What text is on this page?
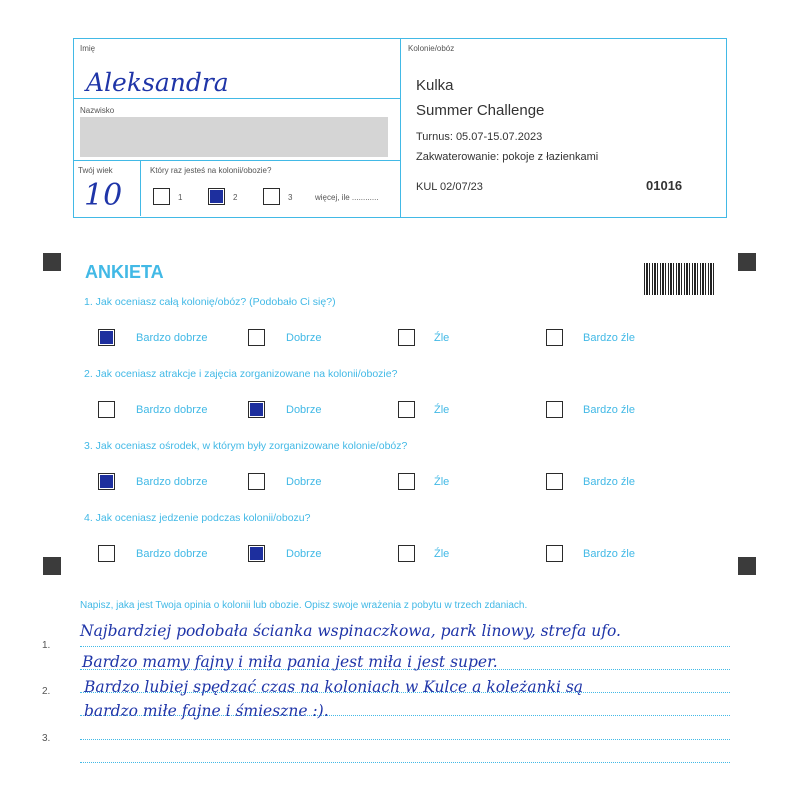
Imię
Aleksandra
Nazwisko
Twój wiek
10
Który raz jesteś na kolonii/obozie?
1	2	3	więcej, ile ............
Kolonie/obóz
Kulka
Summer Challenge
Turnus: 05.07-15.07.2023
Zakwaterowanie: pokoje z łazienkami
KUL 02/07/23	01016
ANKIETA
1. Jak oceniasz całą kolonię/obóz? (Podobało Ci się?)
Bardzo dobrze	Dobrze	Źle	Bardzo źle
2. Jak oceniasz atrakcje i zajęcia zorganizowane na kolonii/obozie?
Bardzo dobrze	Dobrze	Źle	Bardzo źle
3. Jak oceniasz ośrodek, w którym były zorganizowane kolonie/obóz?
Bardzo dobrze	Dobrze	Źle	Bardzo źle
4. Jak oceniasz jedzenie podczas kolonii/obozu?
Bardzo dobrze	Dobrze	Źle	Bardzo źle
Napisz, jaka jest Twoja opinia o kolonii lub obozie. Opisz swoje wrażenia z pobytu w trzech zdaniach.
1.
2.
3.
Najbardziej podobała ścianka wspinaczkowa, park linowy, strefa ufo.
Bardzo mamy fajny i miła pania jest miła i jest super.
Bardzo lubiej spędzać czas na koloniach w Kulce a koleżanki są
bardzo miłe fajne i śmieszne :).
